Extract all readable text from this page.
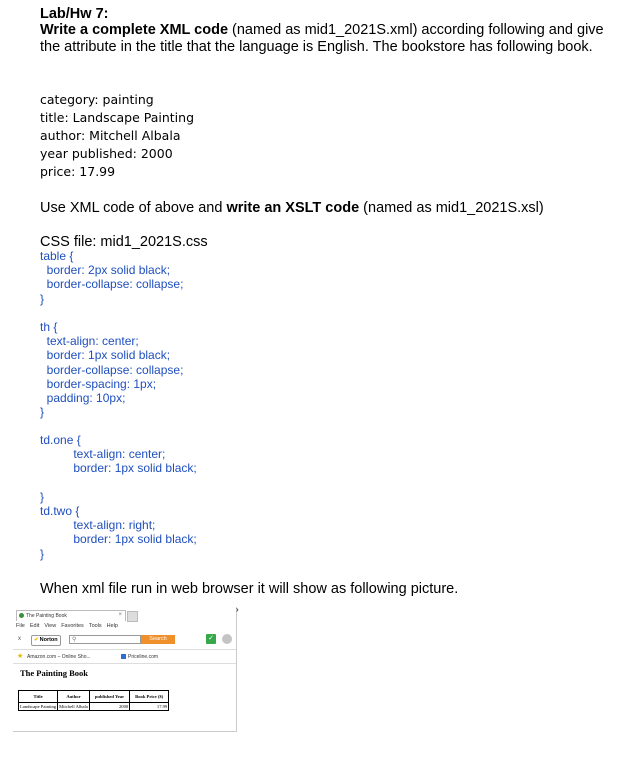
Lab/Hw 7:
Write a complete XML code (named as mid1_2021S.xml) according following and give the attribute in the title that the language is English. The bookstore has following book.
category: painting
title: Landscape Painting
author: Mitchell Albala
year published: 2000
price: 17.99
Use XML code of above and write an XSLT code (named as mid1_2021S.xsl)
CSS file: mid1_2021S.css
table {
border: 2px solid black;
border-collapse: collapse;
}
th {
text-align: center;
border: 1px solid black;
border-collapse: collapse;
border-spacing: 1px;
padding: 10px;
}
td.one {
text-align: center;
border: 1px solid black;

}
td.two {
text-align: right;
border: 1px solid black;
}
When xml file run in web browser it will show as following picture.
The Painting Book	×
File Edit View Favorites Tools Help
x	✔Norton	⚲	Search	✓
★ Amazon.com – Online Sho...	Priceline.com
The Painting Book
Title	Author	published Year	Book Price ($)
Landscape Painting	Mitchell Albala	2000	17.99
›
